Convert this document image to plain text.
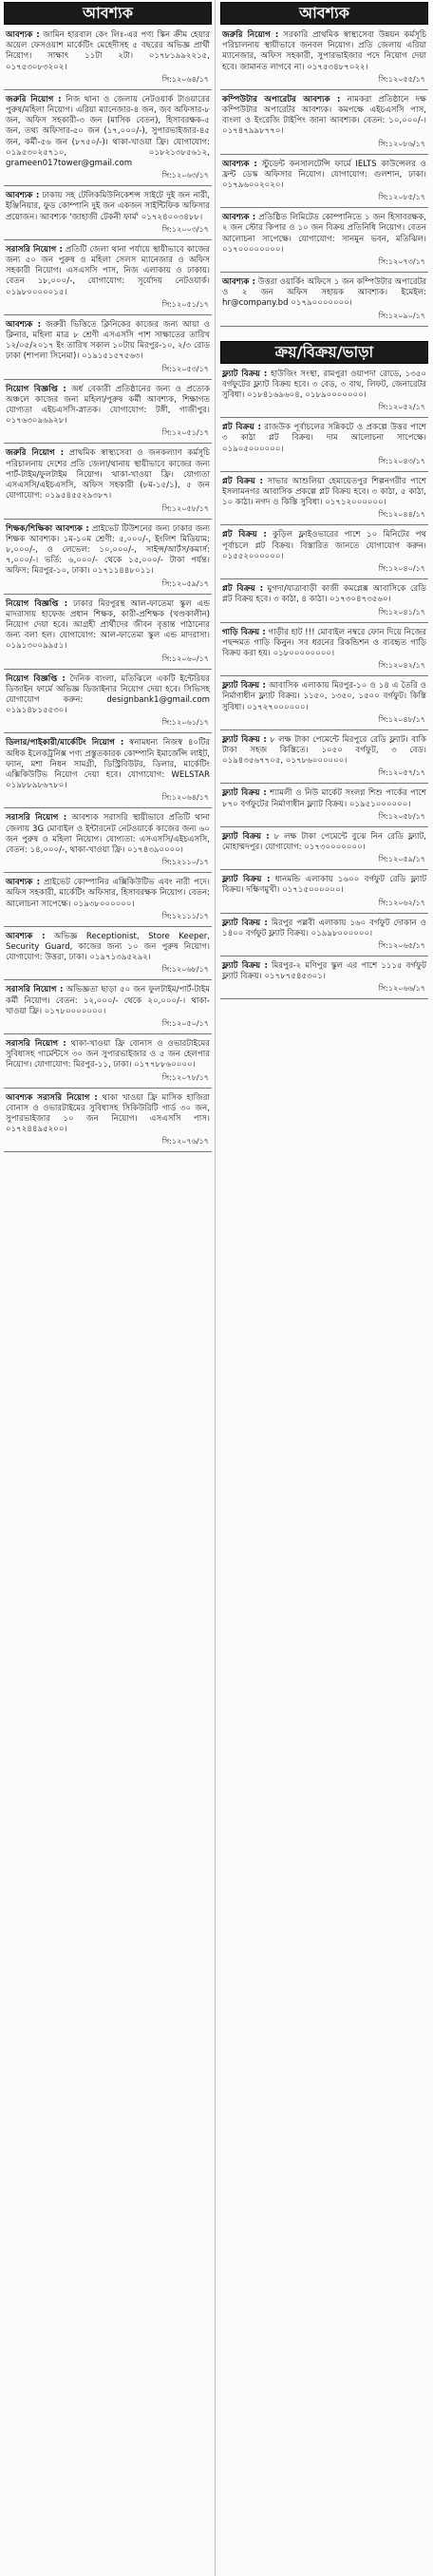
আবশ্যক
আবশ্যক : জামিন হারবাল কেং লিঃ-এর পণ্য স্কিন ক্রীম হেয়ার অয়েল ফেসওয়াশ মার্কেটিং মেহেদীসহ ৫ বছরের অভিজ্ঞ প্রার্থী নিয়োগ। সাক্ষাৎ ১১টা ২টা। ০১৭৮১৯৯২২১৫, ০১৭৫৩০৮৩২০২।
সি:১২০৬৪/১৭
জরুরি নিয়োগ : নিজ থানা ও জেলায় নেটওয়ার্ক টাওয়ারের পুরুষ/মহিলা নিয়োগ। এরিয়া ম্যানেজার-৪ জন, জব অফিসার-৮ জন, অফিস সহকারী-৩ জন (মাসিক বেতন), হিসাবরক্ষক-৫ জন, তথ্য অফিসার-৫০ জন (১৭,০০০/-), সুপারভাইজার-৪৫ জন, কর্মী-৫৬ জন (৮৭৫০/-)। থাকা-খাওয়া ফ্রি। যোগাযোগ: ০১৯৫৩০২৫৭১০, ০১৮২১৩৮৫৬১২, grameen017tower@gmail.com
সি:১২০৬৩/১৭
আবশ্যক : ঢাকায় সহ টেলিকমিউনিকেশন্স সাইটে দুই জন নারী, ইঞ্জিনিয়ার, ফুড কোম্পানি দুই জন একজন সাইন্টিফিক অফিসার প্রয়োজন। আবশ্যক 'জাহাজী টেকনী ফার্ম' ০১৭২৪০০৩৪৮৮।
সি:১২০০৩/১৭
সরাসরি নিয়োগ : প্রতিটি জেলা থানা পর্যায়ে স্থায়ীভাবে কাজের জন্য ৫০ জন পুরুষ ও মহিলা সেলস ম্যানেজার ও অফিস সহকারী নিয়োগ। এসএসসি পাস, নিজ এলাকায় ও ঢাকায়। বেতন ১৮,০০০/-, যোগাযোগ: সূর্যোদয় নেটওয়ার্ক। ০১৯৮০০০০০১৫।
সি:১২০৫১/১৭
আবশ্যক : জরুরী ভিত্তিতে ক্লিনিকের কাজের জন্য আয়া ও ক্লিনার, মহিলা মাত্র ৮ শ্রেণী এসএসসি পাশ সাক্ষাতের তারিখ ১২/০৫/২০১৭ ইং তারিখ সকাল ১০টায় মিরপুর-১০, ২/৩ রোড ঢাকা (শাপলা সিনেমা)। ০১৯১৫১৫৭৫৬৩।
সি:১২০৫৩/১৭
নিয়োগ বিজ্ঞপ্তি : অর্ধ বেকারী প্রতিষ্ঠানের জন্য ও প্রত্যেক অঞ্চলে কাজের জন্য মহিলা/পুরুষ কর্মী আবশ্যক, শিক্ষাগত যোগ্যতা এইচএসসি-স্নাতক। যোগাযোগ: টঙ্গী, গাজীপুর। ০১৭৬৩০৯৬৯২৮।
সি:১২০৫১/১৭
জরুরি নিয়োগ : প্রাথমিক স্বাস্থ্যসেবা ও জনকল্যাণ কর্মসূচি পরিচালনায় দেশের প্রতি জেলা/থানায় স্থায়ীভাবে কাজের জন্য পার্ট-টাইম/ফুলটাইম নিয়োগ। থাকা-খাওয়া ফ্রি। যোগ্যতা এসএসসি/এইচএসসি, অফিস সহকারী (৮ম-১৫/১), ৫ জন যোগাযোগ: ০১৯৫৪৫৫২৯৩৮৭।
সি:১২০৫৮/১৭
শিক্ষক/শিক্ষিকা আবশ্যক : প্রাইভেট টিউশনের জন্য ঢাকার জন্য শিক্ষক আবশ্যক। ১ম-১০ম শ্রেণী: ৫,০০০/-, ইংলিশ মিডিয়াম: ৮,০০০/-, ও লেভেল: ১০,০০০/-, সাইন্স/আর্টস/কমার্স: ৭,০০০/-। ভর্তি: ৬,০০০/- থেকে ১৫,০০০/- টাকা পর্যন্ত। অফিস: মিরপুর-১০, ঢাকা। ০১৭১১৪৪৮০১১।
সি:১২০৫৯/১৭
নিয়োগ বিজ্ঞপ্তি : ঢাকার মিরপুরস্থ আল-ফাতেমা স্কুল এন্ড মাদরাসায় হাফেজ প্রধান শিক্ষক, কারী-প্রশিক্ষক (খণ্ডকালীন) নিয়োগ দেয়া হবে। আগ্রহী প্রার্থীদের জীবন বৃত্তান্ত পাঠানোর জন্য বলা হল। যোগাযোগ: আল-ফাতেমা স্কুল এন্ড মাদরাসা। ০১৯১৩০০৯৯৫১।
সি:১২০৬০/১৭
নিয়োগ বিজ্ঞপ্তি : দৈনিক বাংলা, মতিঝিলে একটি ইন্টেরিয়র ডিজাইন ফার্মে অভিজ্ঞ ডিজাইনার নিয়োগ দেয়া হবে। সিভিসহ যোগাযোগ করুন: designbank1@gmail.com ০১৯১৪৮১৫৫৩০।
সি:১২০৬১/১৭
ডিলার/পাইকারী/মার্কেটিং নিয়োগ : স্বনামধন্য নিজস্ব ৪০টির অধিক ইলেকট্রনিক্স পণ্য প্রস্তুতকারক কোম্পানি ইমার্জেন্সি লাইট, ফ্যান, মশা নিধন সামগ্রী, ডিস্ট্রিবিউটর, ডিলার, মার্কেটিং এক্সিকিউটিভ নিয়োগ দেয়া হবে। যোগাযোগ: WELSTAR ০১৯৮৮৯৮৬৭৮০।
সি:১২০৬৪/১৭
সরাসরি নিয়োগ : আবশ্যক সরাসরি স্থায়ীভাবে প্রতিটি থানা জেলায় 3G মোবাইল ও ইন্টারনেট নেটওয়ার্কে কাজের জন্য ৬০ জন পুরুষ ও মহিলা নিয়োগ। যোগ্যতা: এসএসসি/এইচএসসি, বেতন: ১৪,০০০/-, থাকা-খাওয়া ফ্রি। ০১৭৪৩৯০০০০।
সি:১২১১০/১৭
আবশ্যক : প্রাইভেট কোম্পানির এক্সিকিউটিভ এবং নারী পদে। অফিস সহকারী, মার্কেটিং অফিসার, হিসাবরক্ষক নিয়োগ। বেতন: আলোচনা সাপেক্ষে। ০১৯৩৮০০০০০০।
সি:১২১১১/১৭
আবশ্যক : অভিজ্ঞ Receptionist, Store Keeper, Security Guard, কাজের জন্য ১০ জন পুরুষ নিয়োগ। যোগাযোগ: উত্তরা, ঢাকা। ০১৯৭১৩৯৫২৯২।
সি:১২০৬৮/১৭
সরাসরি নিয়োগ : অভিজ্ঞতা ছাড়া ৫০ জন ফুলটাইম/পার্ট-টাইম কর্মী নিয়োগ। বেতন: ১২,০০০/- থেকে ২০,০০০/-। থাকা-খাওয়া ফ্রি। ০১৭৮০০০০০০০।
সি:১২০৫০/১৭
সরাসরি নিয়োগ : থাকা-খাওয়া ফ্রি বোনাস ও ওভারটাইমের সুবিধাসহ গার্মেন্টসে ৩০ জন সুপারভাইজার ও ৫ জন হেলপার নিয়োগ। যোগাযোগ: মিরপুর-১১, ঢাকা। ০১৭৭৮৮৬০০০০।
সি:১২০৭৮/১৭
আবশ্যক সরাসরি নিয়োগ : থাকা খাওয়া ফ্রি মাসিক হাজিরা বোনাস ও ওভারটাইমের সুবিধাসহ সিকিউরিটি গার্ড ৩০ জন, সুপারভাইজার ১০ জন নিয়োগ। এসএসসি পাস। ০১৭২৪৪৯৫২০০।
সি:১২০৭৬/১৭
আবশ্যক
জরুরি নিয়োগ : সরকারি প্রাথমিক স্বাস্থ্যসেবা উন্নয়ন কর্মসূচি পরিচালনায় স্থায়ীভাবে জনবল নিয়োগ। প্রতি জেলায় এরিয়া ম্যানেজার, অফিস সহকারী, সুপারভাইজার পদে নিয়োগ দেয়া হবে। জামানত লাগবে না। ০১৭৫৩৪৮৭০২২।
সি:১২০৫৫/১৭
কম্পিউটার অপারেটর আবশ্যক : নামকরা প্রতিষ্ঠানে দক্ষ কম্পিউটার অপারেটর আবশ্যক। কমপক্ষে এইচএসসি পাস, বাংলা ও ইংরেজি টাইপিং জানা আবশ্যক। বেতন: ১০,০০০/-। ০১৭৪৭৯৯৮৭৭০।
সি:১২০৮৬/১৭
আবশ্যক : স্টুডেন্ট কনসালটেন্সি ফার্মে IELTS কাউন্সেলর ও ফ্রন্ট ডেস্ক অফিসার নিয়োগ। যোগাযোগ: গুলশান, ঢাকা। ০১৭৯৬০০২০২০।
সি:১২০৮৫/১৭
আবশ্যক : প্রতিষ্ঠিত লিমিটেড কোম্পানিতে ১ জন হিসাবরক্ষক, ২ জন স্টোর কিপার ও ১০ জন বিক্রয় প্রতিনিধি নিয়োগ। বেতন আলোচনা সাপেক্ষে। যোগাযোগ: সানমুন ভবন, মতিঝিল। ০১৭০০০০০০০০।
সি:১২০৭৩/১৭
আবশ্যক : উত্তরা ওয়ার্কিং অফিসে ১ জন কম্পিউটার অপারেটর ও ২ জন অফিস সহায়ক আবশ্যক। ইমেইল: hr@company.bd ০১৭৯০০০০০০০।
সি:১২০৯০/১৭
ক্রয়/বিক্রয়/ভাড়া
ফ্ল্যাট বিক্রয় : হাউজিং সংস্থা, রামপুরা ওয়াপদা রোডে, ১৩৫০ বর্গফুটের ফ্ল্যাট বিক্রয় হবে। ৩ বেড, ৩ বাথ, লিফট, জেনারেটর সুবিধা। ০১৮৪১৬৯৬০৪, ০১৮৯০০০০০০০।
সি:১২০৫২/১৭
প্লট বিক্রয় : রাজউক পূর্বাচলের সন্নিকটে ও প্রকল্পে উত্তর পাশে ৩ কাঠা প্লট বিক্রয়। দাম আলোচনা সাপেক্ষে। ০১৯০৫০০০০০০।
সি:১২০৪৩/১৭
প্লট বিক্রয় : সাভার আশুলিয়া হেমায়েতপুর শিল্পনগরীর পাশে ইসলামনগর আবাসিক প্রকল্পে প্লট বিক্রয় হবে। ৩ কাঠা, ৫ কাঠা, ১০ কাঠা। নগদ ও কিস্তি সুবিধা। ০১৭১২০০০০০০।
সি:১২০৪৪/১৭
প্লট বিক্রয় : কুড়িল ফ্লাইওভারের পাশে ১০ মিনিটের পথ পূর্বাচলে প্লট বিক্রয়। বিস্তারিত জানতে যোগাযোগ করুন। ০১৫৫২০০০০০০।
সি:১২০৪০/১৭
প্লট বিক্রয় : মুগদা/যাত্রাবাড়ী কাজী কমপ্লেক্স আবাসিকে রেডি প্লট বিক্রয় হবে। ৩ কাঠা, ৪ কাঠা। ০১৭৩০৪৭৩৫৬০।
সি:১২০৪১/১৭
গাড়ি বিক্রয় : গাড়ীর হাট !!! মোবাইল নম্বরে ফোন দিয়ে নিজের পছন্দমত গাড়ি কিনুন। সব ধরনের রিকন্ডিশন ও ব্যবহৃত গাড়ি বিক্রয় করা হয়। ০১৮০০০০০০০০।
সি:১২০৪২/১৭
ফ্ল্যাট বিক্রয় : আবাসিক এলাকায় মিরপুর-১০ ও ১৪ এ তৈরি ও নির্মাণাধীন ফ্ল্যাট বিক্রয়। ১১৫০, ১৩৫০, ১৫০০ বর্গফুট। কিস্তি সুবিধা। ০১৭২৭০০০০০০।
সি:১২০৪৮/১৭
ফ্ল্যাট বিক্রয় : ৮ লক্ষ টাকা পেমেন্টে মিরপুরে রেডি ফ্ল্যাট। বাকি টাকা সহজ কিস্তিতে। ১০৫০ বর্গফুট, ৩ বেড। ০১৯৪৩৫৬৭৭০৫, ০১৭৮৬০০০০০০।
সি:১২০৫৭/১৭
ফ্ল্যাট বিক্রয় : শ্যামলী ও নিউ মার্কেট সংলগ্ন শিশু পার্কের পাশে ৮৭০ বর্গফুটের নির্মাণাধীন ফ্ল্যাট বিক্রয়। ০১৯৫১০০০০০০।
সি:১২০৫৮/১৭
ফ্ল্যাট বিক্রয় : ৮ লক্ষ টাকা পেমেন্টে বুঝে নিন রেডি ফ্ল্যাট, মোহাম্মদপুর। যোগাযোগ: ০১৭৩০০০০০০০।
সি:১২০৫৯/১৭
ফ্ল্যাট বিক্রয় : ধানমন্ডি এলাকায় ১৬০০ বর্গফুট রেডি ফ্ল্যাট বিক্রয়। দক্ষিণমুখী। ০১৭১৫০০০০০০।
সি:১২০৬২/১৭
ফ্ল্যাট বিক্রয় : মিরপুর পল্লবী এলাকায় ১৬০ বর্গফুট দোকান ও ১৪০০ বর্গফুট ফ্ল্যাট বিক্রয়। ০১৯৯৮০০০০০০।
সি:১২০৬৫/১৭
ফ্ল্যাট বিক্রয় : মিরপুর-২ মণিপুর স্কুল এর পাশে ১১১৫ বর্গফুট ফ্ল্যাট বিক্রয়। ০১৭৮৭৫৪৫৩০১।
সি:১২০৬৬/১৭
